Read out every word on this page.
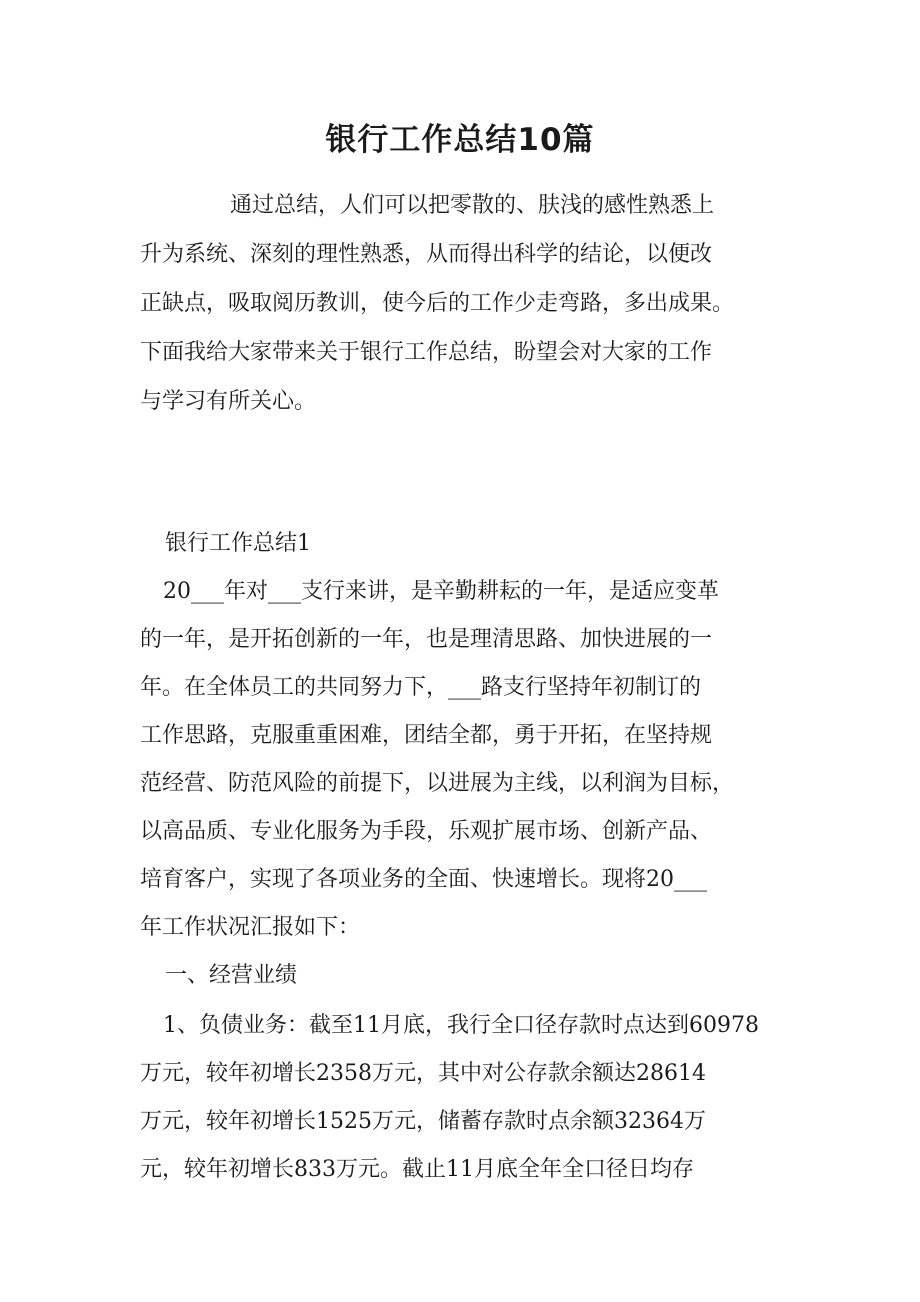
银行工作总结10篇

通过总结，人们可以把零散的、肤浅的感性熟悉上

升为系统、深刻的理性熟悉，从而得出科学的结论，以便改

正缺点，吸取阅历教训，使今后的工作少走弯路，多出成果。

下面我给大家带来关于银行工作总结，盼望会对大家的工作

与学习有所关心。

银行工作总结1

20___年对___支行来讲，是辛勤耕耘的一年，是适应变革

的一年，是开拓创新的一年，也是理清思路、加快进展的一

年。在全体员工的共同努力下，___路支行坚持年初制订的

工作思路，克服重重困难，团结全都，勇于开拓，在坚持规

范经营、防范风险的前提下，以进展为主线，以利润为目标，

以高品质、专业化服务为手段，乐观扩展市场、创新产品、

培育客户，实现了各项业务的全面、快速增长。现将20___

年工作状况汇报如下：

一、经营业绩

1、负债业务：截至11月底，我行全口径存款时点达到60978

万元，较年初增长2358万元，其中对公存款余额达28614

万元，较年初增长1525万元，储蓄存款时点余额32364万

元，较年初增长833万元。截止11月底全年全口径日均存
